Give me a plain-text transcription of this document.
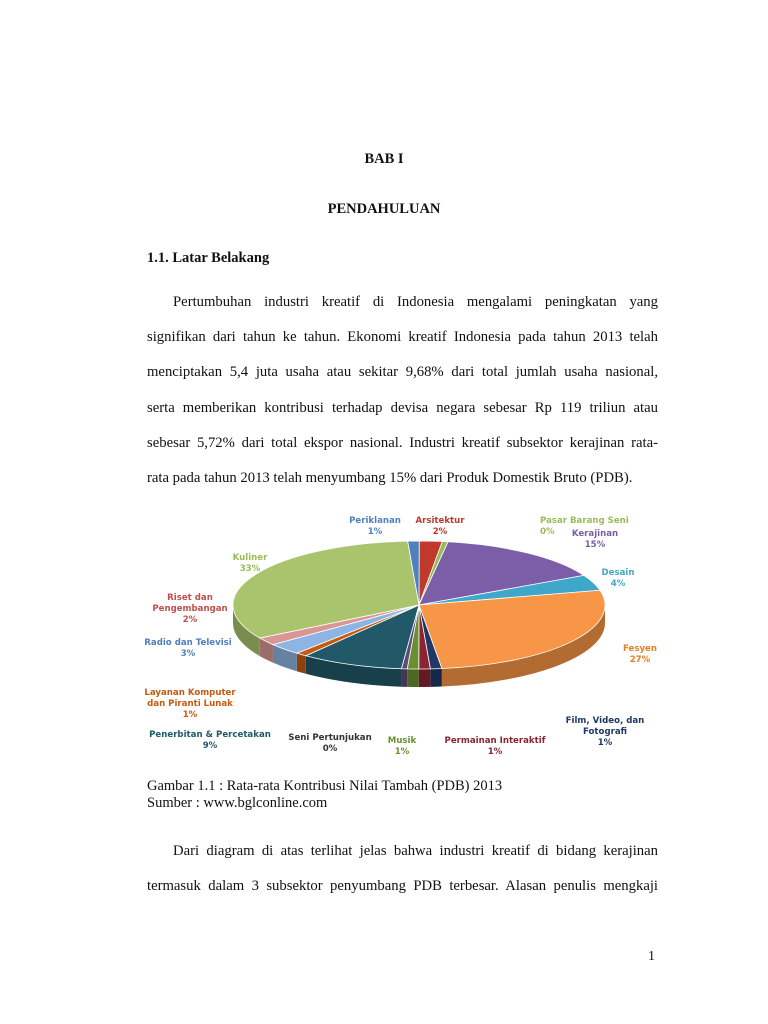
BAB I
PENDAHULUAN
1.1. Latar Belakang
Pertumbuhan industri kreatif di Indonesia mengalami peningkatan yang
signifikan dari tahun ke tahun. Ekonomi kreatif Indonesia pada tahun 2013 telah
menciptakan 5,4 juta usaha atau sekitar 9,68% dari total jumlah usaha nasional,
serta memberikan kontribusi terhadap devisa negara sebesar Rp 119 triliun atau
sebesar 5,72% dari total ekspor nasional. Industri kreatif subsektor kerajinan rata-
rata pada tahun 2013 telah menyumbang 15% dari Produk Domestik Bruto (PDB).
Arsitektur
2%
Pasar Barang Seni
0% Kerajinan
15%
Desain
4%
Fesyen
27%
Film, Video, dan
Fotografi
1%
Permainan Interaktif
1%
Musik
1%
Seni Pertunjukan
0%
Penerbitan & Percetakan
9%
Layanan Komputer
dan Piranti Lunak
1%
Radio dan Televisi
3%
Riset dan
Pengembangan
2%
Kuliner
33%
Periklanan
1%
Gambar 1.1 : Rata-rata Kontribusi Nilai Tambah (PDB) 2013
Sumber : www.bglconline.com
Dari diagram di atas terlihat jelas bahwa industri kreatif di bidang kerajinan
termasuk dalam 3 subsektor penyumbang PDB terbesar. Alasan penulis mengkaji
1
